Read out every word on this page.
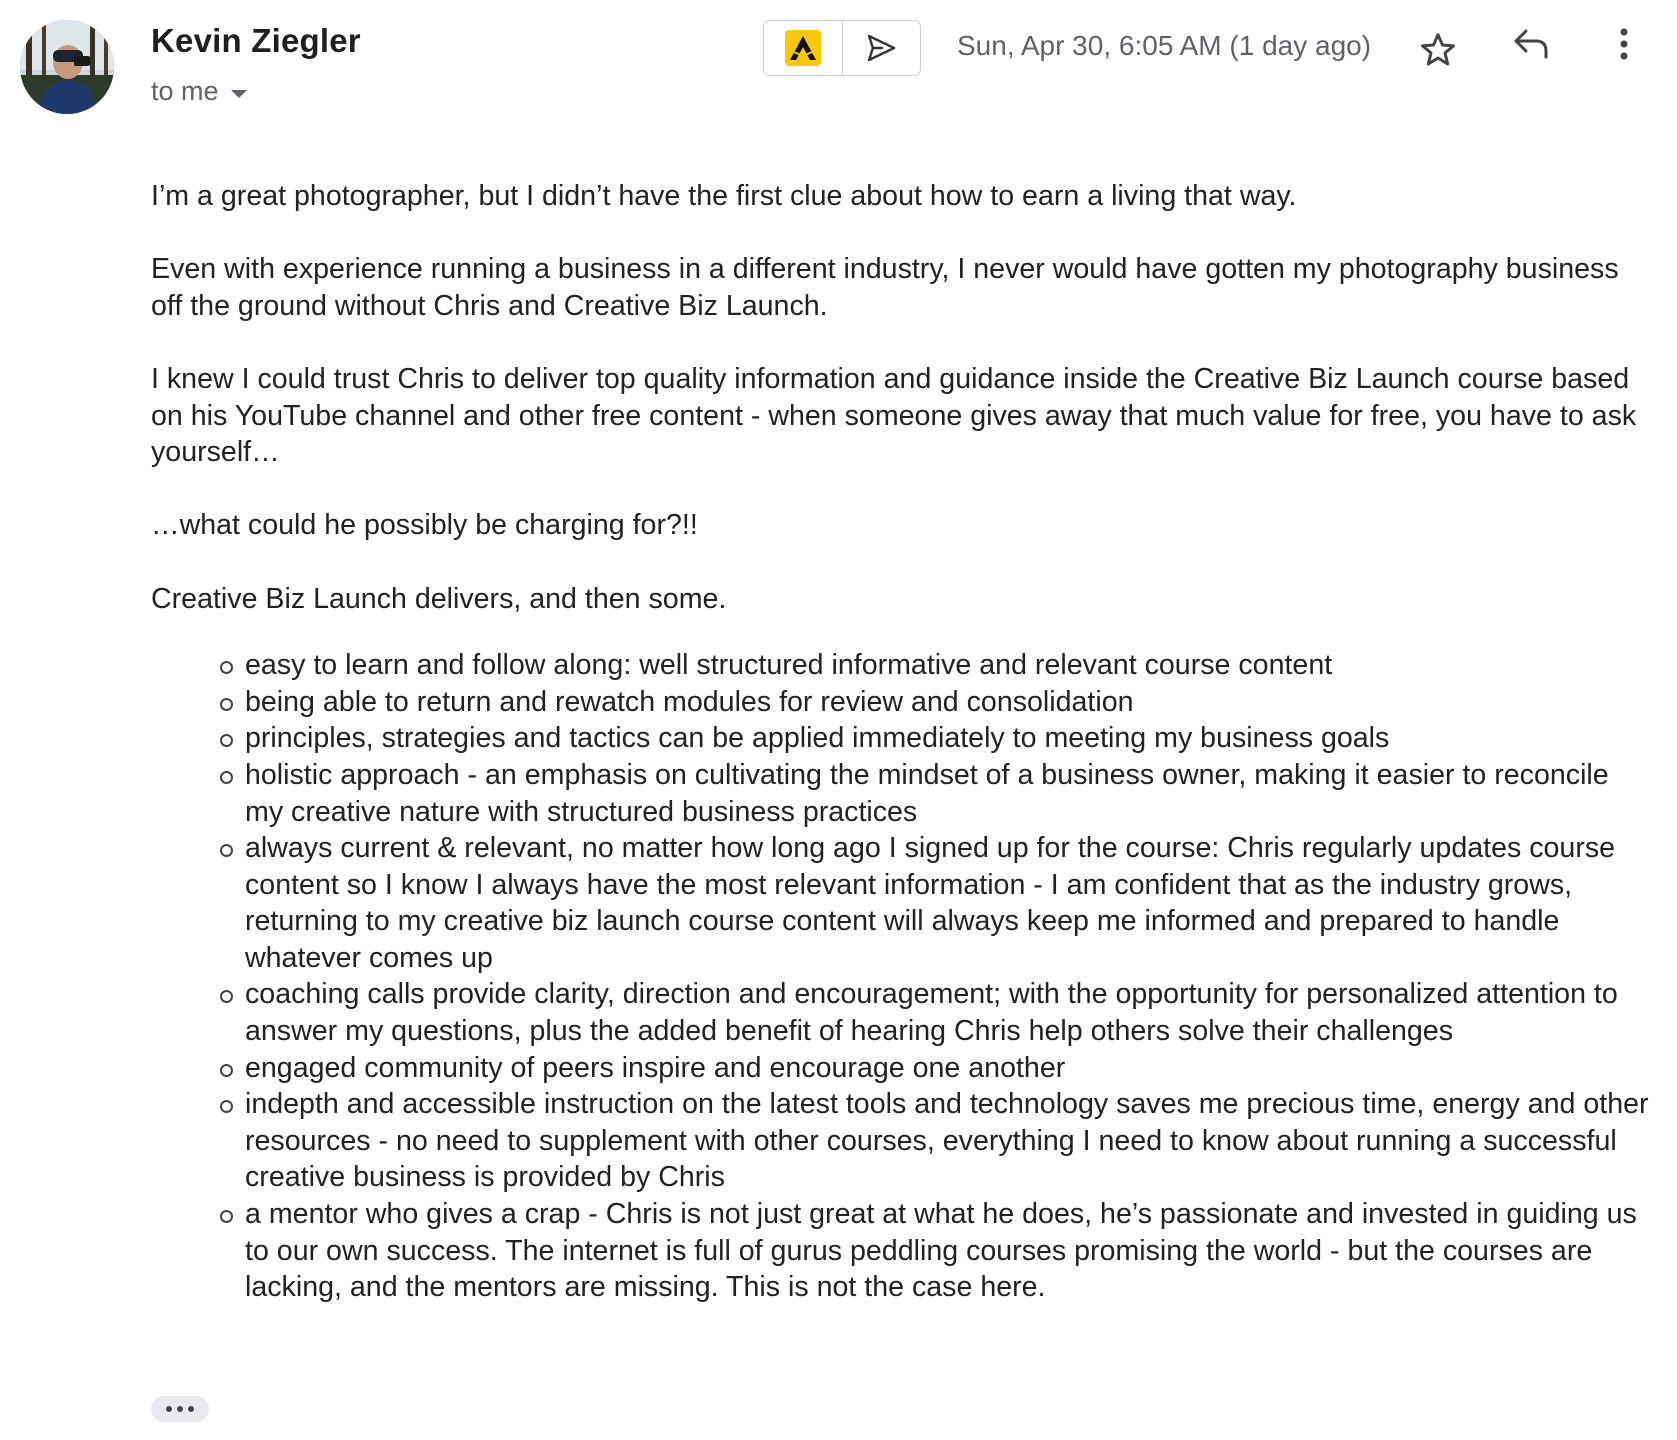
Kevin Ziegler
to me
Sun, Apr 30, 6:05 AM (1 day ago)

I’m a great photographer, but I didn’t have the first clue about how to earn a living that way.

Even with experience running a business in a different industry, I never would have gotten my photography business off the ground without Chris and Creative Biz Launch.

I knew I could trust Chris to deliver top quality information and guidance inside the Creative Biz Launch course based on his YouTube channel and other free content - when someone gives away that much value for free, you have to ask yourself…

…what could he possibly be charging for?!!

Creative Biz Launch delivers, and then some.

easy to learn and follow along: well structured informative and relevant course content
being able to return and rewatch modules for review and consolidation
principles, strategies and tactics can be applied immediately to meeting my business goals
holistic approach - an emphasis on cultivating the mindset of a business owner, making it easier to reconcile my creative nature with structured business practices
always current & relevant, no matter how long ago I signed up for the course: Chris regularly updates course content so I know I always have the most relevant information - I am confident that as the industry grows, returning to my creative biz launch course content will always keep me informed and prepared to handle whatever comes up
coaching calls provide clarity, direction and encouragement; with the opportunity for personalized attention to answer my questions, plus the added benefit of hearing Chris help others solve their challenges
engaged community of peers inspire and encourage one another
indepth and accessible instruction on the latest tools and technology saves me precious time, energy and other resources - no need to supplement with other courses, everything I need to know about running a successful creative business is provided by Chris
a mentor who gives a crap - Chris is not just great at what he does, he’s passionate and invested in guiding us to our own success. The internet is full of gurus peddling courses promising the world - but the courses are lacking, and the mentors are missing. This is not the case here.
